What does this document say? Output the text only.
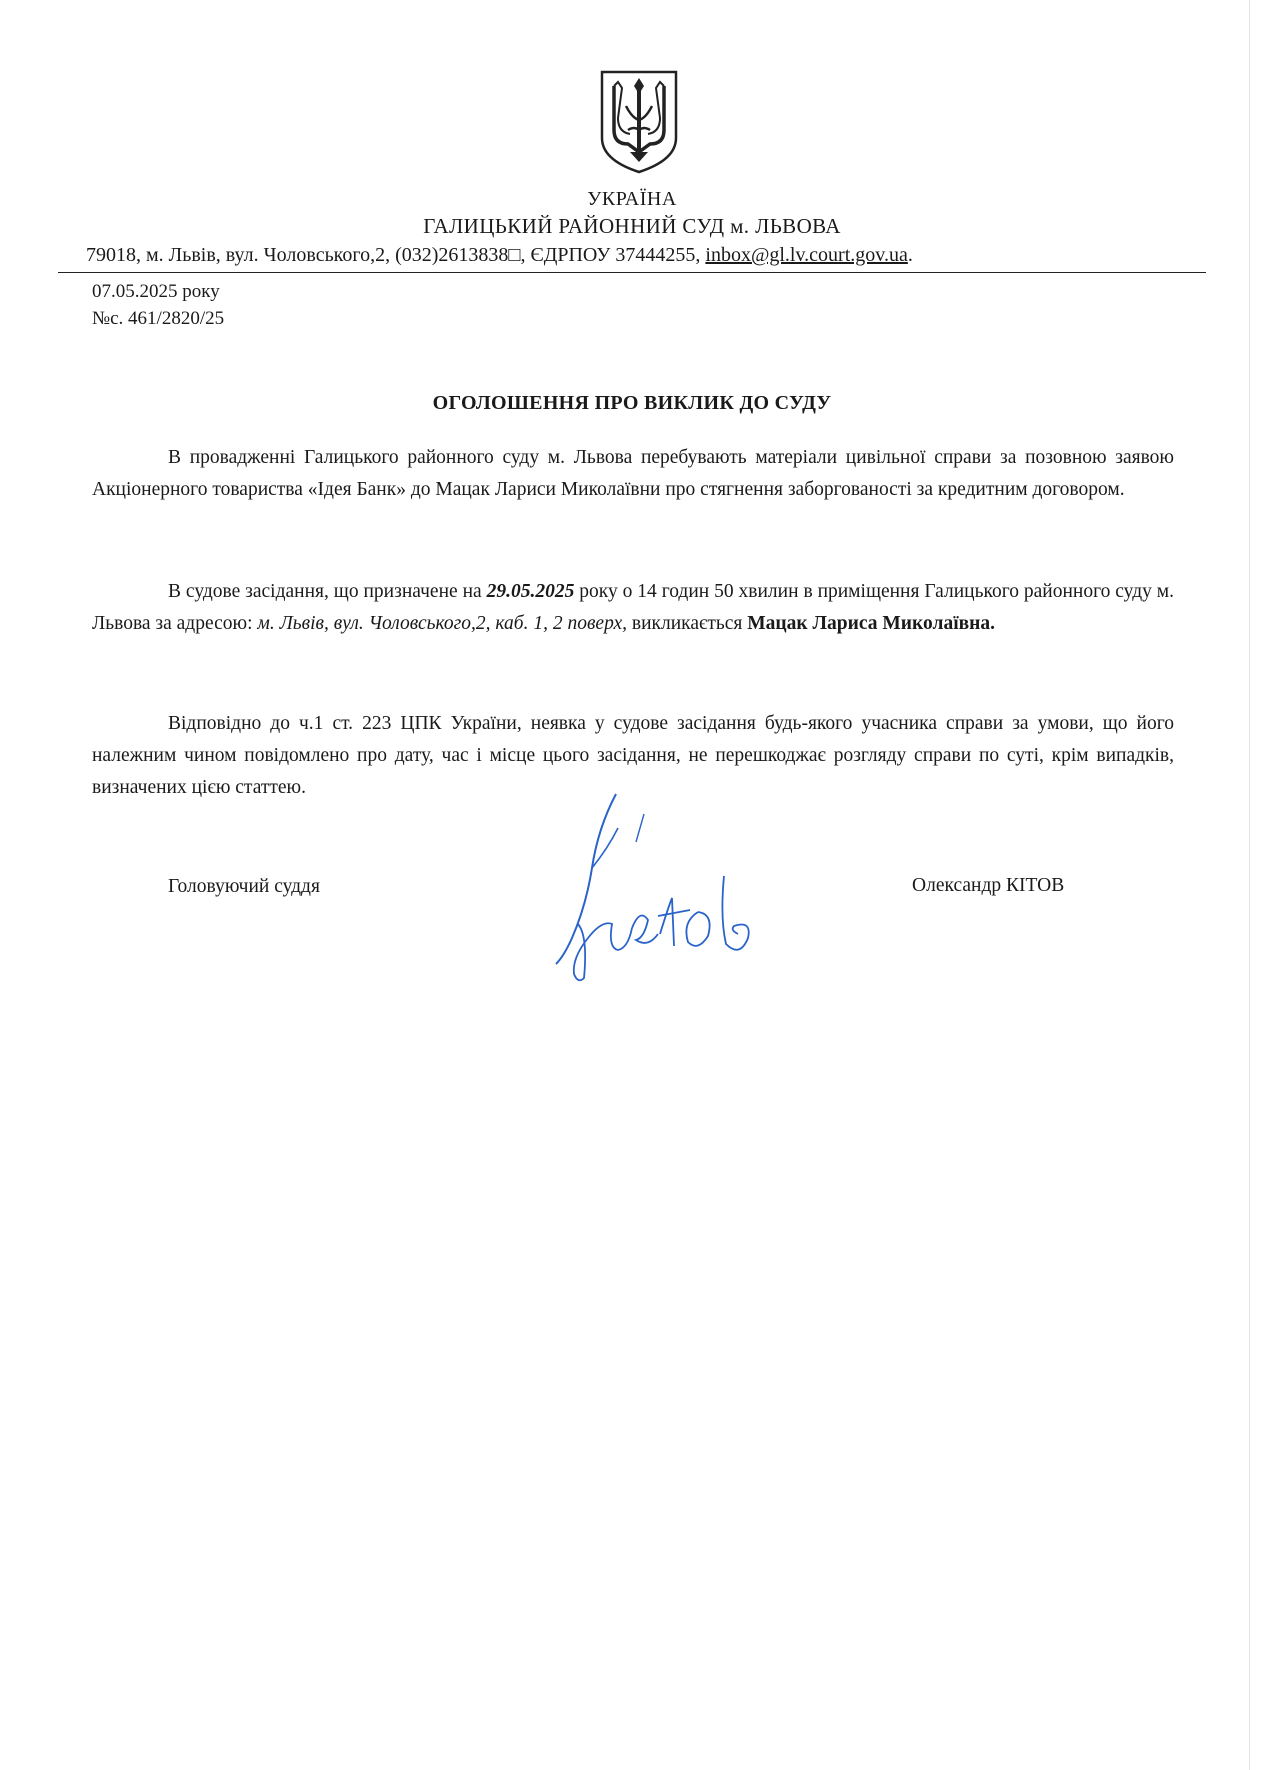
УКРАЇНА
ГАЛИЦЬКИЙ РАЙОННИЙ СУД м. ЛЬВОВА
79018, м. Львів, вул. Чоловського,2, (032)2613838□, ЄДРПОУ 37444255, inbox@gl.lv.court.gov.ua.
07.05.2025 року
№с. 461/2820/25
ОГОЛОШЕННЯ ПРО ВИКЛИК ДО СУДУ
В провадженні Галицького районного суду м. Львова перебувають матеріали цивільної справи за позовною заявою Акціонерного товариства «Ідея Банк» до Мацак Лариси Миколаївни про стягнення заборгованості за кредитним договором.
В судове засідання, що призначене на 29.05.2025 року о 14 годин 50 хвилин в приміщення Галицького районного суду м. Львова за адресою: м. Львів, вул. Чоловського,2, каб. 1, 2 поверх, викликається Мацак Лариса Миколаївна.
Відповідно до ч.1 ст. 223 ЦПК України, неявка у судове засідання будь-якого учасника справи за умови, що його належним чином повідомлено про дату, час і місце цього засідання, не перешкоджає розгляду справи по суті, крім випадків, визначених цією статтею.
Головуючий суддя	Олександр КІТОВ
